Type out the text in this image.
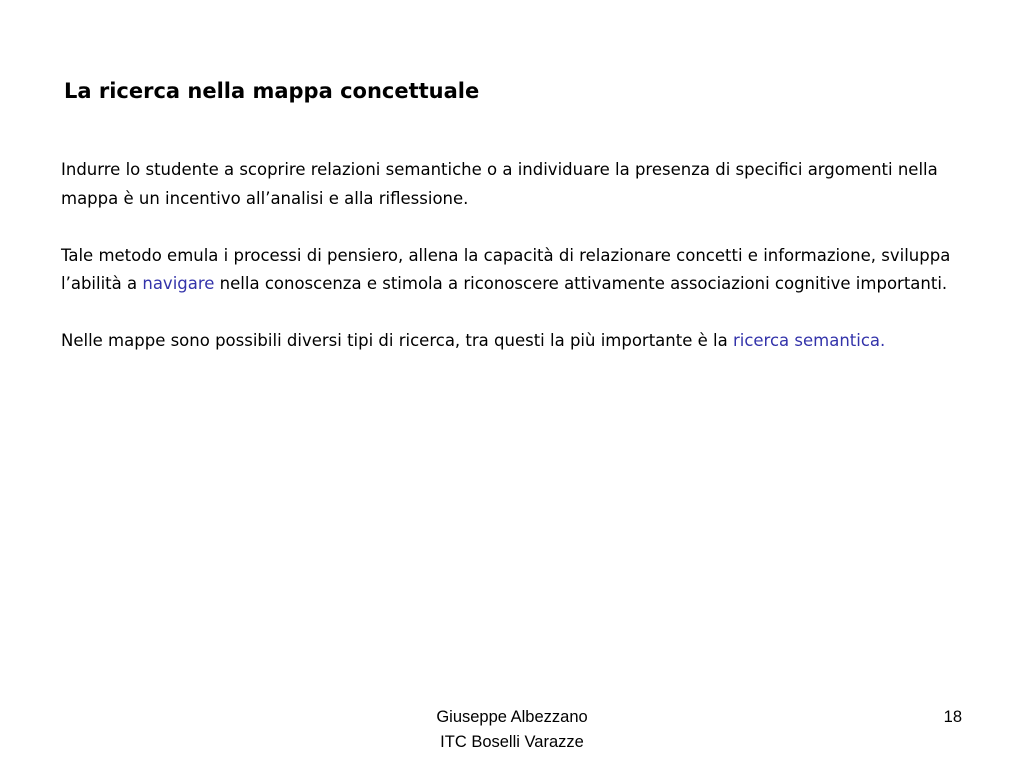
La ricerca nella mappa concettuale

Indurre lo studente a scoprire relazioni semantiche o a individuare la presenza di specifici argomenti nella mappa è un incentivo all’analisi e alla riflessione.

Tale metodo emula i processi di pensiero, allena la capacità di relazionare concetti e informazione, sviluppa l’abilità a navigare nella conoscenza e stimola a riconoscere attivamente associazioni cognitive importanti.

Nelle mappe sono possibili diversi tipi di ricerca, tra questi la più importante è la ricerca semantica.

Giuseppe Albezzano
ITC Boselli Varazze
18
